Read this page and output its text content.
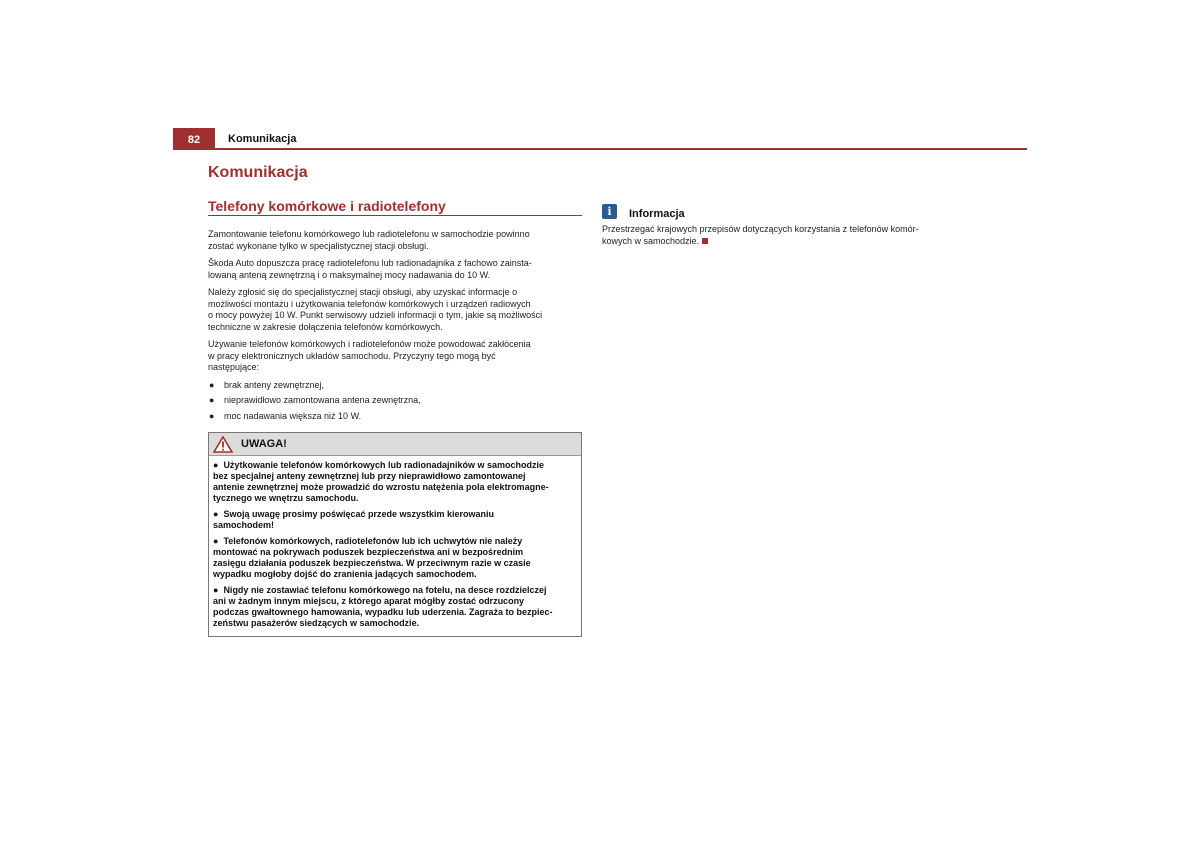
82	Komunikacja
Komunikacja
Telefony komórkowe i radiotelefony

Zamontowanie telefonu komórkowego lub radiotelefonu w samochodzie powinno
zostać wykonane tylko w specjalistycznej stacji obsługi.

Škoda Auto dopuszcza pracę radiotelefonu lub radionadajnika z fachowo zainsta-
lowaną anteną zewnętrzną i o maksymalnej mocy nadawania do 10 W.

Należy zgłosić się do specjalistycznej stacji obsługi, aby uzyskać informacje o
możliwości montażu i użytkowania telefonów komórkowych i urządzeń radiowych
o mocy powyżej 10 W. Punkt serwisowy udzieli informacji o tym, jakie są możliwości
techniczne w zakresie dołączenia telefonów komórkowych.

Używanie telefonów komórkowych i radiotelefonów może powodować zakłócenia
w pracy elektronicznych układów samochodu. Przyczyny tego mogą być
następujące:

● brak anteny zewnętrznej,
● nieprawidłowo zamontowana antena zewnętrzna,
● moc nadawania większa niż 10 W.
UWAGA!

●  Użytkowanie telefonów komórkowych lub radionadajników w samochodzie
bez specjalnej anteny zewnętrznej lub przy nieprawidłowo zamontowanej
antenie zewnętrznej może prowadzić do wzrostu natężenia pola elektromagne-
tycznego we wnętrzu samochodu.

●  Swoją uwagę prosimy poświęcać przede wszystkim kierowaniu
samochodem!

●  Telefonów komórkowych, radiotelefonów lub ich uchwytów nie należy
montować na pokrywach poduszek bezpieczeństwa ani w bezpośrednim
zasięgu działania poduszek bezpieczeństwa. W przeciwnym razie w czasie
wypadku mogłoby dojść do zranienia jadących samochodem.

●  Nigdy nie zostawiać telefonu komórkowego na fotelu, na desce rozdzielczej
ani w żadnym innym miejscu, z którego aparat mógłby zostać odrzucony
podczas gwałtownego hamowania, wypadku lub uderzenia. Zagraża to bezpiec-
zeństwu pasażerów siedzących w samochodzie.

i	Informacja
Przestrzegać krajowych przepisów dotyczących korzystania z telefonów komór-
kowych w samochodzie.
